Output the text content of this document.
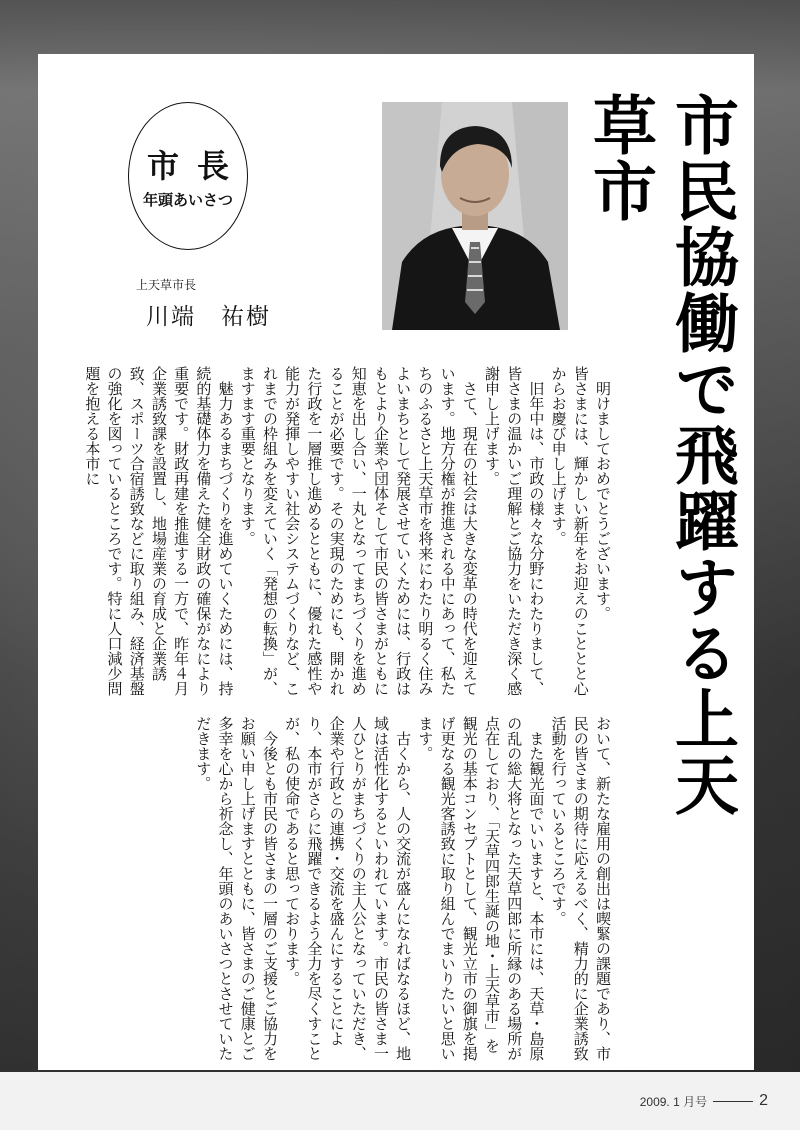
市長
年頭あいさつ
上天草市長
川端　祐樹	市民協働で飛躍する上天草市
　明けましておめでとうございます。
皆さまには、輝かしい新年をお迎えのこととと心からお慶び申し上げます。
　旧年中は、市政の様々な分野にわたりまして、皆さまの温かいご理解とご協力をいただき深く感謝申し上げます。
　さて、現在の社会は大きな変革の時代を迎えています。地方分権が推進される中にあって、私たちのふるさと上天草市を将来にわたり明るく住みよいまちとして発展させていくためには、行政はもとより企業や団体そして市民の皆さまがともに知恵を出し合い、一丸となってまちづくりを進めることが必要です。その実現のためにも、開かれた行政を一層推し進めるとともに、優れた感性や能力が発揮しやすい社会システムづくりなど、これまでの枠組みを変えていく「発想の転換」が、ますます重要となります。
　魅力あるまちづくりを進めていくためには、持続的基礎体力を備えた健全財政の確保がなにより重要です。財政再建を推進する一方で、昨年４月企業誘致課を設置し、地場産業の育成と企業誘致、スポーツ合宿誘致などに取り組み、経済基盤の強化を図っているところです。特に人口減少問題を抱える本市に
おいて、新たな雇用の創出は喫緊の課題であり、市民の皆さまの期待に応えるべく、精力的に企業誘致活動を行っているところです。
　また観光面でいいますと、本市には、天草・島原の乱の総大将となった天草四郎に所縁のある場所が点在しており、「天草四郎生誕の地・上天草市」を観光の基本コンセプトとして、観光立市の御旗を掲げ更なる観光客誘致に取り組んでまいりたいと思います。
　古くから、人の交流が盛んになればなるほど、地域は活性化するといわれています。市民の皆さま一人ひとりがまちづくりの主人公となっていただき、企業や行政との連携・交流を盛んにすることにより、本市がさらに飛躍できるよう全力を尽くすことが、私の使命であると思っております。
　今後とも市民の皆さまの一層のご支援とご協力をお願い申し上げますとともに、皆さまのご健康とご多幸を心から祈念し、年頭のあいさつとさせていただきます。
2009. 1 月号	2
